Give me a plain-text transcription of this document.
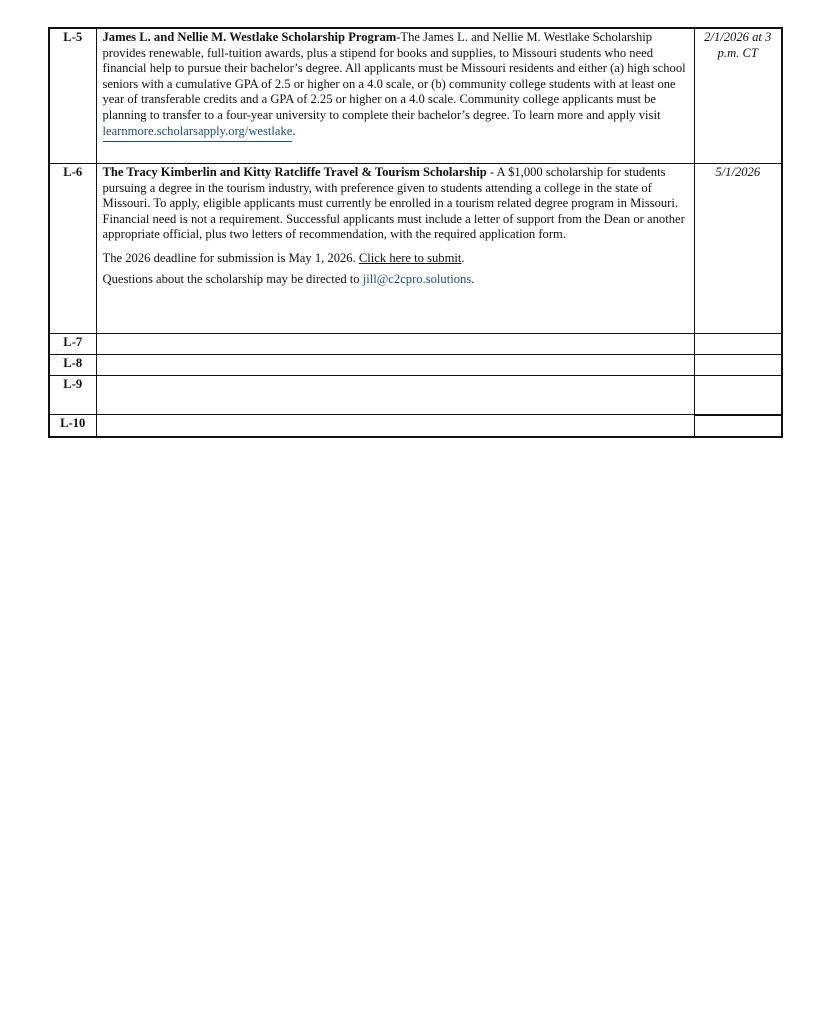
L-5	James L. and Nellie M. Westlake Scholarship Program-The James L. and Nellie M. Westlake Scholarship provides renewable, full-tuition awards, plus a stipend for books and supplies, to Missouri students who need financial help to pursue their bachelor’s degree. All applicants must be Missouri residents and either (a) high school seniors with a cumulative GPA of 2.5 or higher on a 4.0 scale, or (b) community college students with at least one year of transferable credits and a GPA of 2.25 or higher on a 4.0 scale. Community college applicants must be planning to transfer to a four-year university to complete their bachelor’s degree. To learn more and apply visit learnmore.scholarsapply.org/westlake.	2/1/2026 at 3
p.m. CT

L-6	The Tracy Kimberlin and Kitty Ratcliffe Travel & Tourism Scholarship - A $1,000 scholarship for students pursuing a degree in the tourism industry, with preference given to students attending a college in the state of Missouri. To apply, eligible applicants must currently be enrolled in a tourism related degree program in Missouri. Financial need is not a requirement. Successful applicants must include a letter of support from the Dean or another appropriate official, plus two letters of recommendation, with the required application form.
The 2026 deadline for submission is May 1, 2026. Click here to submit.
Questions about the scholarship may be directed to jill@c2cpro.solutions.	5/1/2026
L-7		
L-8		
L-9		
L-10		
